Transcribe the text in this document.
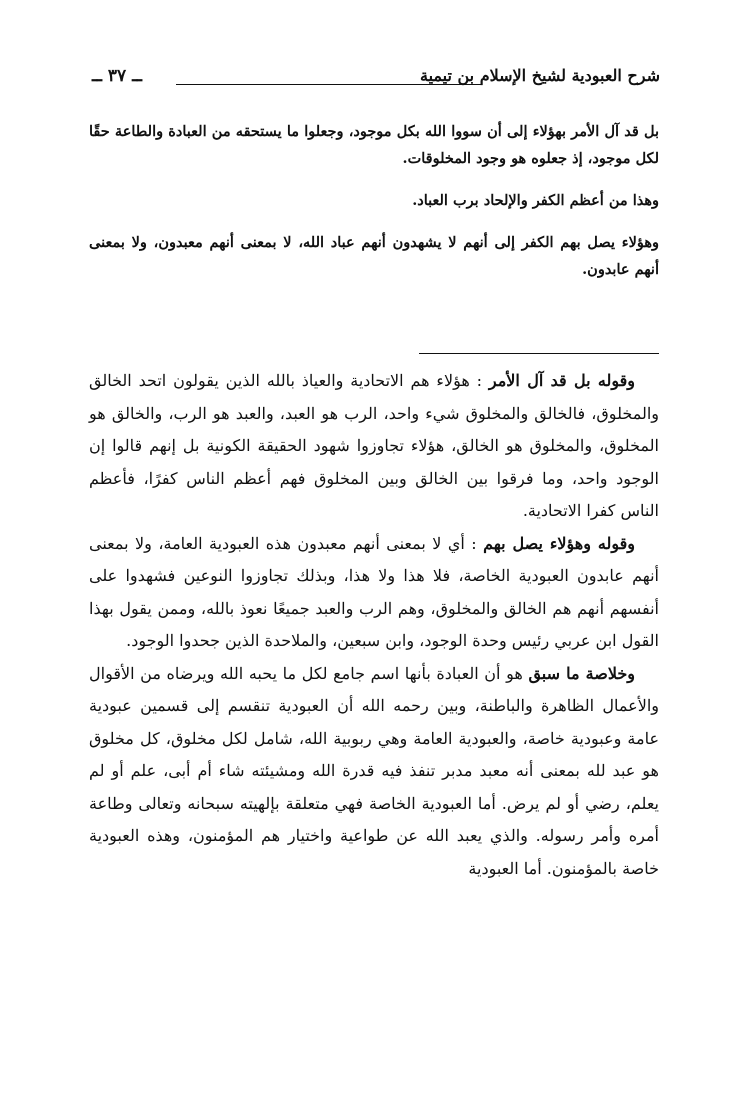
شرح العبودية لشيخ الإسلام بن تيمية
ــ ٣٧ ــ

بل قد آل الأمر بهؤلاء إلى أن سووا الله بكل موجود، وجعلوا ما يستحقه من العبادة والطاعة حقًا لكل موجود، إذ جعلوه هو وجود المخلوقات.

وهذا من أعظم الكفر والإلحاد برب العباد.

وهؤلاء يصل بهم الكفر إلى أنهم لا يشهدون أنهم عباد الله، لا بمعنى أنهم معبدون، ولا بمعنى أنهم عابدون.

وقوله بل قد آل الأمر : هؤلاء هم الاتحادية والعياذ بالله الذين يقولون اتحد الخالق والمخلوق، فالخالق والمخلوق شيء واحد، الرب هو العبد، والعبد هو الرب، والخالق هو المخلوق، والمخلوق هو الخالق، هؤلاء تجاوزوا شهود الحقيقة الكونية بل إنهم قالوا إن الوجود واحد، وما فرقوا بين الخالق وبين المخلوق فهم أعظم الناس كفرًا، فأعظم الناس كفرا الاتحادية.

وقوله وهؤلاء يصل بهم : أي لا بمعنى أنهم معبدون هذه العبودية العامة، ولا بمعنى أنهم عابدون العبودية الخاصة، فلا هذا ولا هذا، وبذلك تجاوزوا النوعين فشهدوا على أنفسهم أنهم هم الخالق والمخلوق، وهم الرب والعبد جميعًا نعوذ بالله، وممن يقول بهذا القول ابن عربي رئيس وحدة الوجود، وابن سبعين، والملاحدة الذين جحدوا الوجود.

وخلاصة ما سبق هو أن العبادة بأنها اسم جامع لكل ما يحبه الله ويرضاه من الأقوال والأعمال الظاهرة والباطنة، وبين رحمه الله أن العبودية تنقسم إلى قسمين عبودية عامة وعبودية خاصة، والعبودية العامة وهي ربوبية الله، شامل لكل مخلوق، كل مخلوق هو عبد لله بمعنى أنه معبد مدبر تنفذ فيه قدرة الله ومشيئته شاء أم أبى، علم أو لم يعلم، رضي أو لم يرض. أما العبودية الخاصة فهي متعلقة بإلهيته سبحانه وتعالى وطاعة أمره وأمر رسوله. والذي يعبد الله عن طواعية واختيار هم المؤمنون، وهذه العبودية خاصة بالمؤمنون. أما العبودية
